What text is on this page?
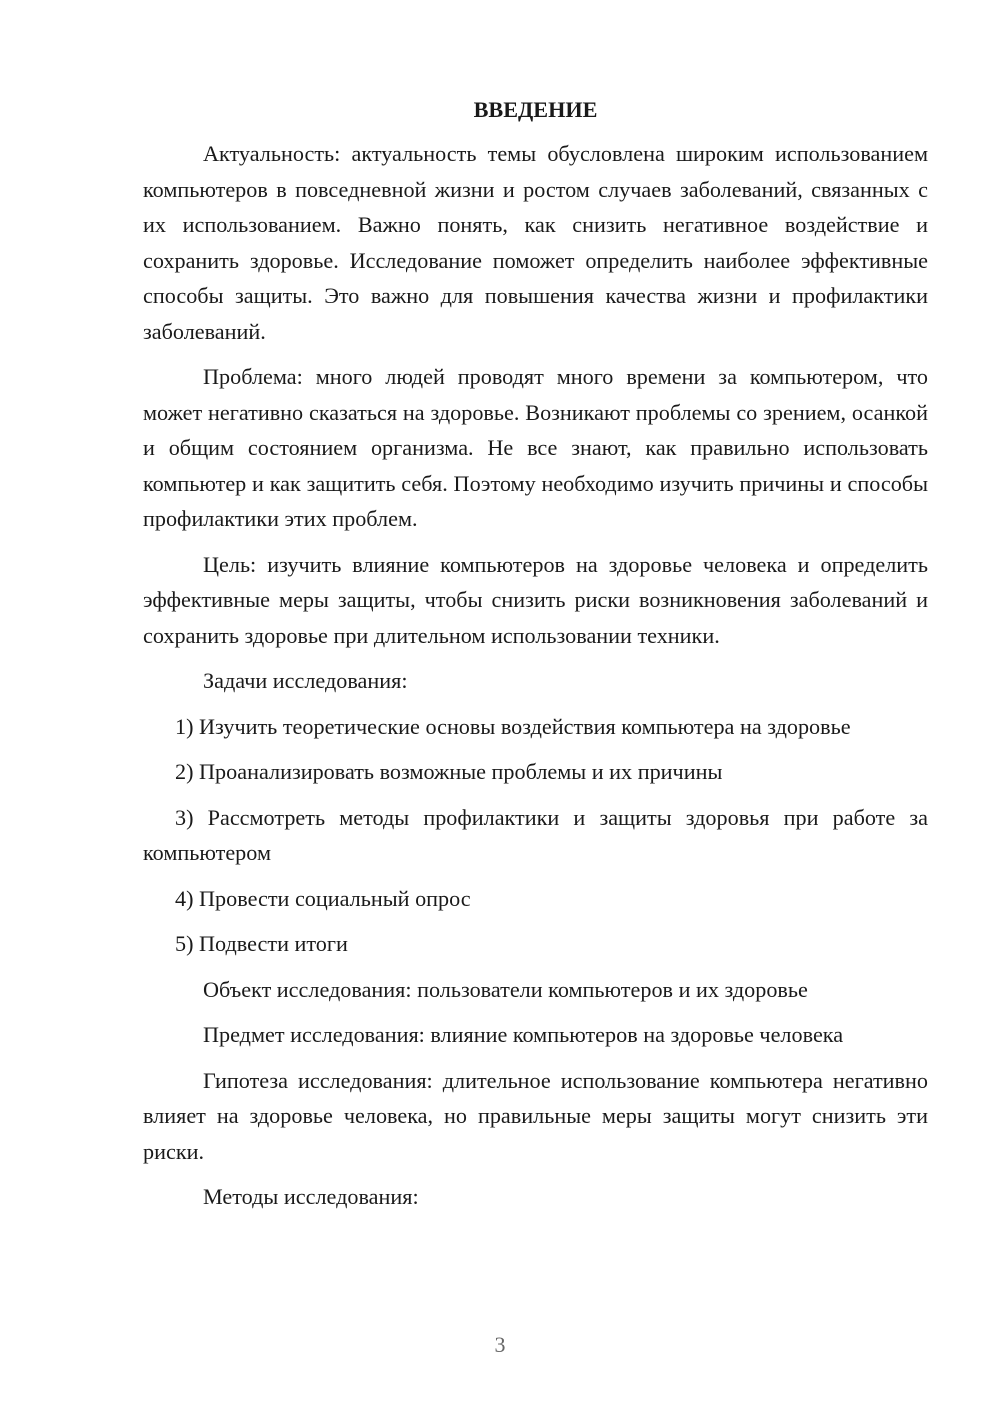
ВВЕДЕНИЕ

Актуальность: актуальность темы обусловлена широким использованием компьютеров в повседневной жизни и ростом случаев заболеваний, связанных с их использованием. Важно понять, как снизить негативное воздействие и сохранить здоровье. Исследование поможет определить наиболее эффективные способы защиты. Это важно для повышения качества жизни и профилактики заболеваний.

Проблема: много людей проводят много времени за компьютером, что может негативно сказаться на здоровье. Возникают проблемы со зрением, осанкой и общим состоянием организма. Не все знают, как правильно использовать компьютер и как защитить себя. Поэтому необходимо изучить причины и способы профилактики этих проблем.

Цель: изучить влияние компьютеров на здоровье человека и определить эффективные меры защиты, чтобы снизить риски возникновения заболеваний и сохранить здоровье при длительном использовании техники.

Задачи исследования:

1) Изучить теоретические основы воздействия компьютера на здоровье

2) Проанализировать возможные проблемы и их причины

3) Рассмотреть методы профилактики и защиты здоровья при работе за компьютером

4) Провести социальный опрос

5) Подвести итоги

Объект исследования: пользователи компьютеров и их здоровье

Предмет исследования: влияние компьютеров на здоровье человека

Гипотеза исследования: длительное использование компьютера негативно влияет на здоровье человека, но правильные меры защиты могут снизить эти риски.

Методы исследования:

3
